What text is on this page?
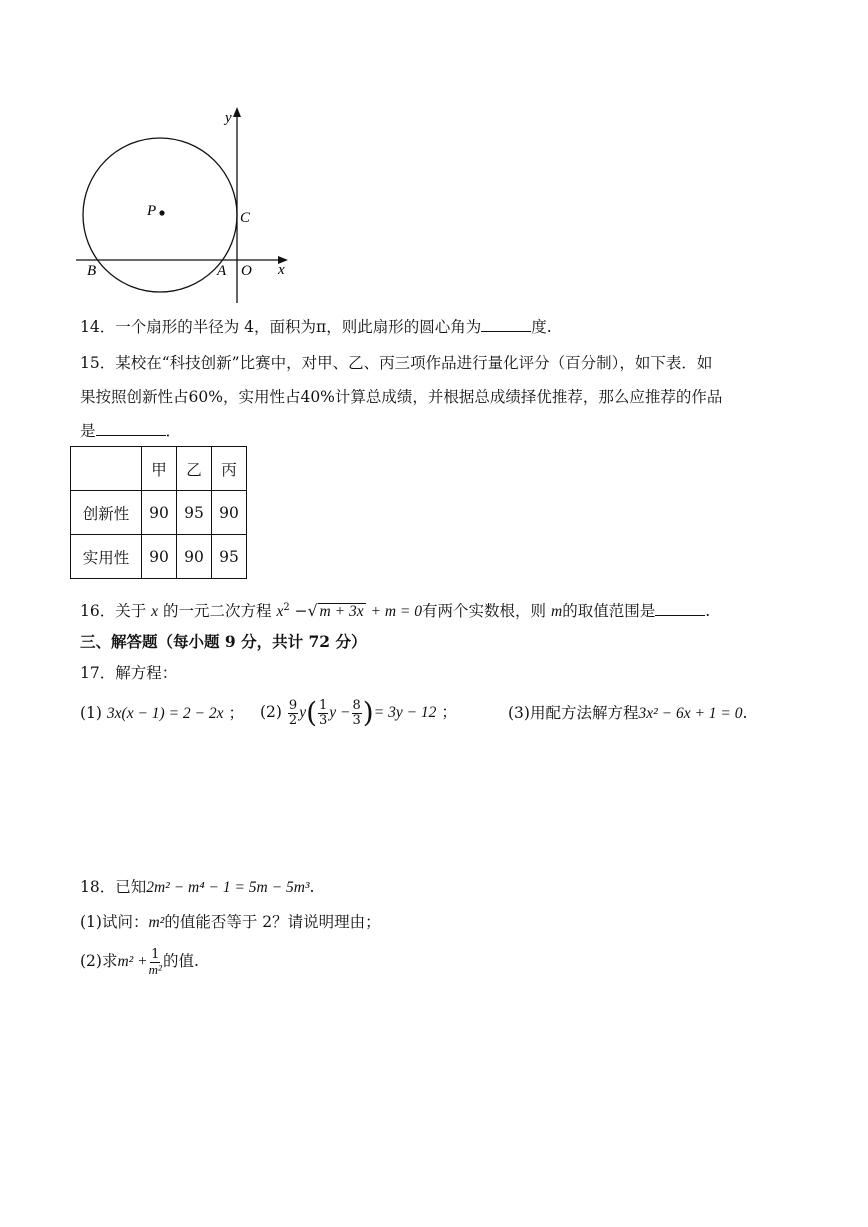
y
x
P	C
B	A O
14．一个扇形的半径为 4，面积为π，则此扇形的圆心角为	度.
15．某校在“科技创新”比赛中，对甲、乙、丙三项作品进行量化评分（百分制），如下表．如
果按照创新性占60%，实用性占40%计算总成绩，并根据总成绩择优推荐，那么应推荐的作品
是	．
	甲	乙	丙
创新性	90	95	90
实用性	90	90	95
16．关于 x 的一元二次方程 $x^2$ −√ m + 3x + m = 0有两个实数根，则 m的取值范围是	.
三、解答题（每小题 9 分，共计 72 分）
17．解方程：
(1) 3x(x − 1) = 2 − 2x ； $(2) \frac{9}{2} y( \frac{1}{3}$ $y - \frac{8}{3}$ )= 3y − 12 ；	(3)用配方法解方程3x² − 6x + 1 = 0.
18．已知2m² − m⁴ − 1 = 5m − 5m³.
(1)试问：m²的值能否等于 2？请说明理由；
(2)求$m^2 + \frac{1}{\text{m²}}$ 的值.
